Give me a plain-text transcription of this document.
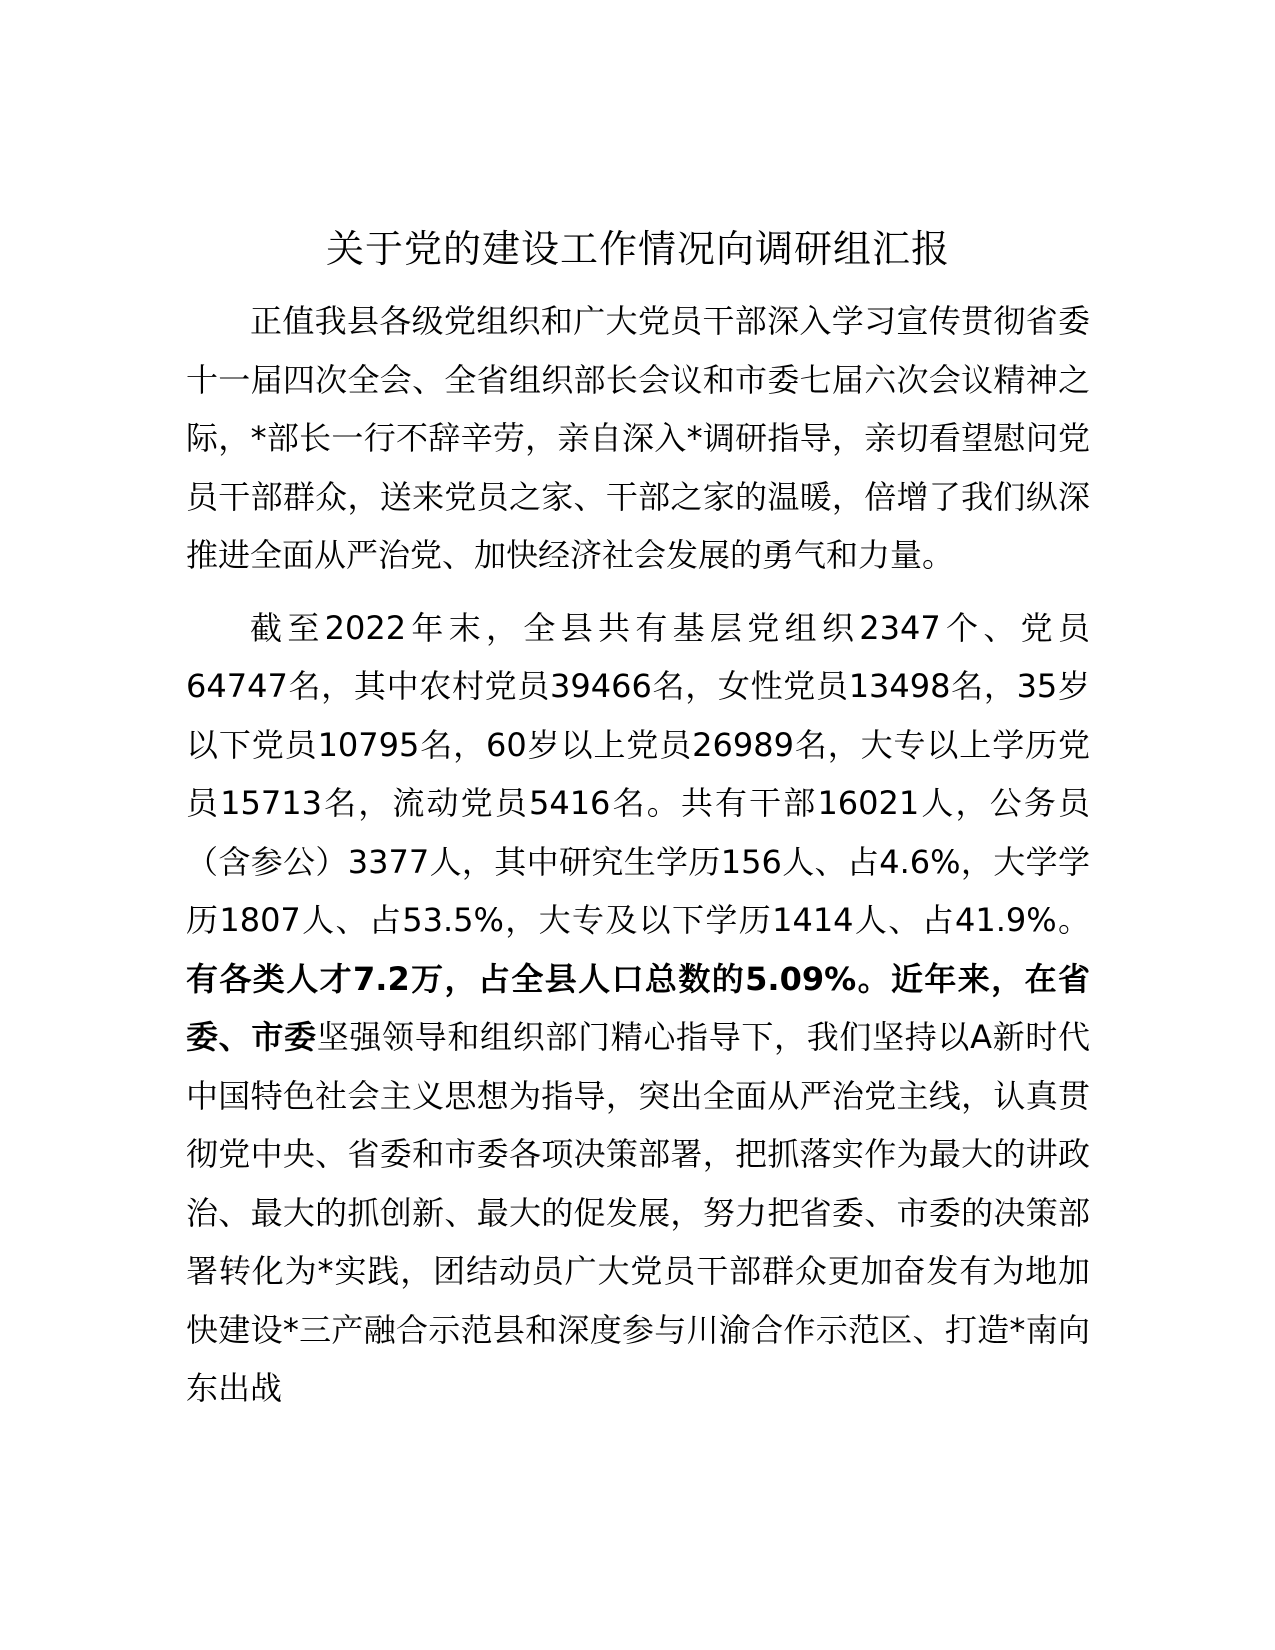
关于党的建设工作情况向调研组汇报

正值我县各级党组织和广大党员干部深入学习宣传贯彻省委十一届四次全会、全省组织部长会议和市委七届六次会议精神之际，*部长一行不辞辛劳，亲自深入*调研指导，亲切看望慰问党员干部群众，送来党员之家、干部之家的温暖，倍增了我们纵深推进全面从严治党、加快经济社会发展的勇气和力量。

截至2022年末，全县共有基层党组织2347个、党员64747名，其中农村党员39466名，女性党员13498名，35岁以下党员10795名，60岁以上党员26989名，大专以上学历党员15713名，流动党员5416名。共有干部16021人，公务员（含参公）3377人，其中研究生学历156人、占4.6%，大学学历1807人、占53.5%，大专及以下学历1414人、占41.9%。有各类人才7.2万，占全县人口总数的5.09%。近年来，在省委、市委坚强领导和组织部门精心指导下，我们坚持以A新时代中国特色社会主义思想为指导，突出全面从严治党主线，认真贯彻党中央、省委和市委各项决策部署，把抓落实作为最大的讲政治、最大的抓创新、最大的促发展，努力把省委、市委的决策部署转化为*实践，团结动员广大党员干部群众更加奋发有为地加快建设*三产融合示范县和深度参与川渝合作示范区、打造*南向东出战
